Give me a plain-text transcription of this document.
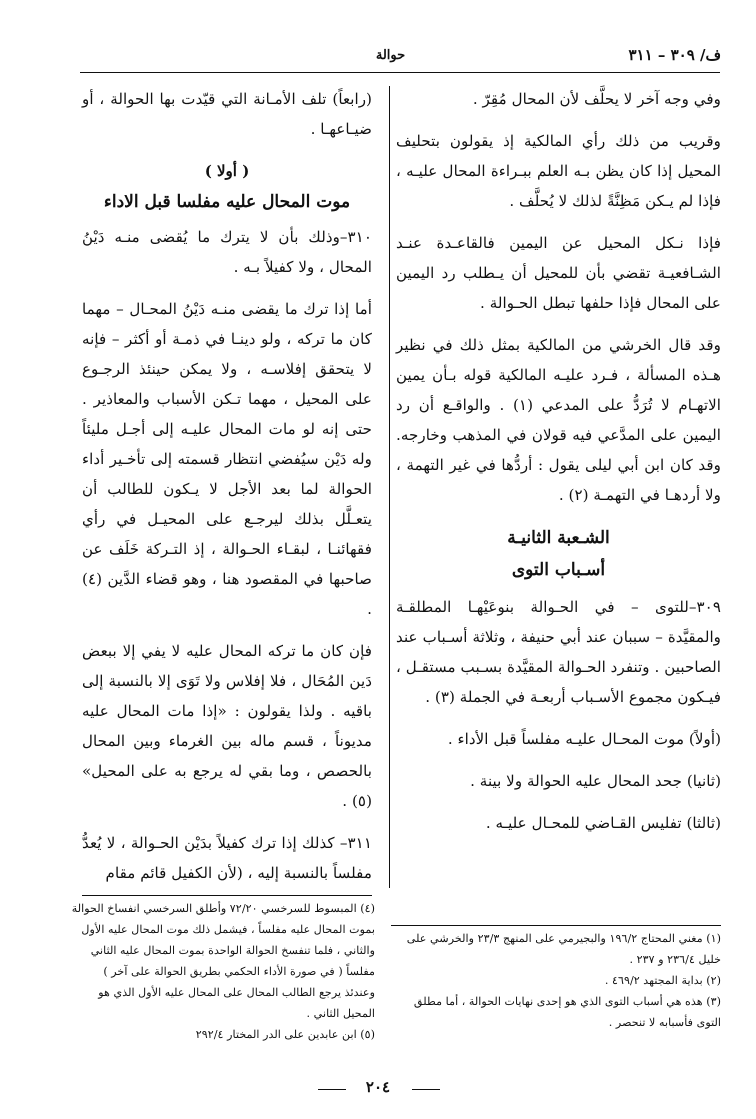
ف/ ٣٠٩ – ٣١١
حوالة

وفي وجه آخر لا يحلَّف لأن المحال مُقِرّ .

وقريب من ذلك رأي المالكية إذ يقولون بتحليف المحيل إذا كان يظن بـه العلم ببـراءة المحال عليـه ، فإذا لم يـكن مَظِنَّةً لذلك لا يُحلَّف .

فإذا نـكل المحيل عن اليمين فالقاعـدة عنـد الشـافعيـة تقضي بأن للمحيل أن يـطلب رد اليمين على المحال فإذا حلفها تبطل الحـوالة .

وقد قال الخرشي من المالكية بمثل ذلك في نظير هـذه المسألة ، فـرد عليـه المالكية قوله بـأن يمين الاتهـام لا تُرَدُّ على المدعي (١) . والواقـع أن رد اليمين على المدَّعي فيه قولان في المذهب وخارجه. وقد كان ابن أبي ليلى يقول : أردُّها في غير التهمة ، ولا أردهـا في التهمـة (٢) .

الشـعبة الثانيـة

أسـباب التوى

٣٠٩–للتوى – في الحـوالة بنوعَيْهـا المطلقـة والمقيَّدة – سببان عند أبي حنيفة ، وثلاثة أسـباب عند الصاحبين . وتنفرد الحـوالة المقيَّدة بسـبب مستقـل ، فيـكون مجموع الأسـباب أربعـة في الجملة (٣) .

(أولاً) موت المحـال عليـه مفلساً قبل الأداء .

(ثانيا) جحد المحال عليه الحوالة ولا بينة .

(ثالثا) تفليس القـاضي للمحـال عليـه .

(رابعاً) تلف الأمـانة التي قيّدت بها الحوالة ، أو ضيـاعهـا .

( أولا )

موت المحال عليه مفلسا قبل الاداء

٣١٠–وذلك بأن لا يترك ما يُقضى منـه دَيْنُ المحال ، ولا كفيلاً بـه .

أما إذا ترك ما يقضى منـه دَيْنُ المحـال – مهما كان ما تركه ، ولو دينـا في ذمـة أو أكثر – فإنه لا يتحقق إفلاسـه ، ولا يمكن حينئذ الرجـوع على المحيل ، مهما تـكن الأسباب والمعاذير . حتى إنه لو مات المحال عليـه إلى أجـل مليئاً وله دَيْن سيُفضي انتظار قسمته إلى تأخـير أداء الحوالة لما بعد الأجل لا يـكون للطالب أن يتعـلَّل بذلك ليرجـع على المحيـل في رأي فقهائنـا ، لبقـاء الحـوالة ، إذ التـركة خَلَف عن صاحبها في المقصود هنا ، وهو قضاء الدَّين (٤) .

فإن كان ما تركه المحال عليه لا يفي إلا ببعض دَين المُحَال ، فلا إفلاس ولا تَوَى إلا بالنسبة إلى باقيه . ولذا يقولون : «إذا مات المحال عليه مديوناً ، قسم ماله بين الغرماء وبين المحال بالحصص ، وما بقي له يرجع به على المحيل» (٥) .

٣١١– كذلك إذا ترك كفيلاً بدَيْن الحـوالة ، لا يُعدُّ مفلساً بالنسبة إليه ، (لأن الكفيل قائم مقام

(١) مغني المحتاج ١٩٦/٢ والبجيرمي على المنهج ٢٣/٣ والخرشي على خليل ٢٣٦/٤ و ٢٣٧ .

(٢) بداية المجتهد ٤٦٩/٢ .

(٣) هذه هي أسباب التوى الذي هو إحدى نهايات الحوالة ، أما مطلق التوى فأسبابه لا تنحصر .

(٤) المبسوط للسرخسي ٧٢/٢٠ وأطلق السرخسي انفساخ الحوالة بموت المحال عليه مفلساً ، فيشمل ذلك موت المحال عليه الأول والثاني ، فلما تنفسخ الحوالة الواحدة بموت المحال عليه الثاني مفلساً ( في صورة الأداء الحكمي بطريق الحوالة على آخر ) وعندئذ يرجع الطالب المحال على المحال عليه الأول الذي هو المحيل الثاني .

(٥) ابن عابدين على الدر المختار ٢٩٢/٤

٢٠٤
